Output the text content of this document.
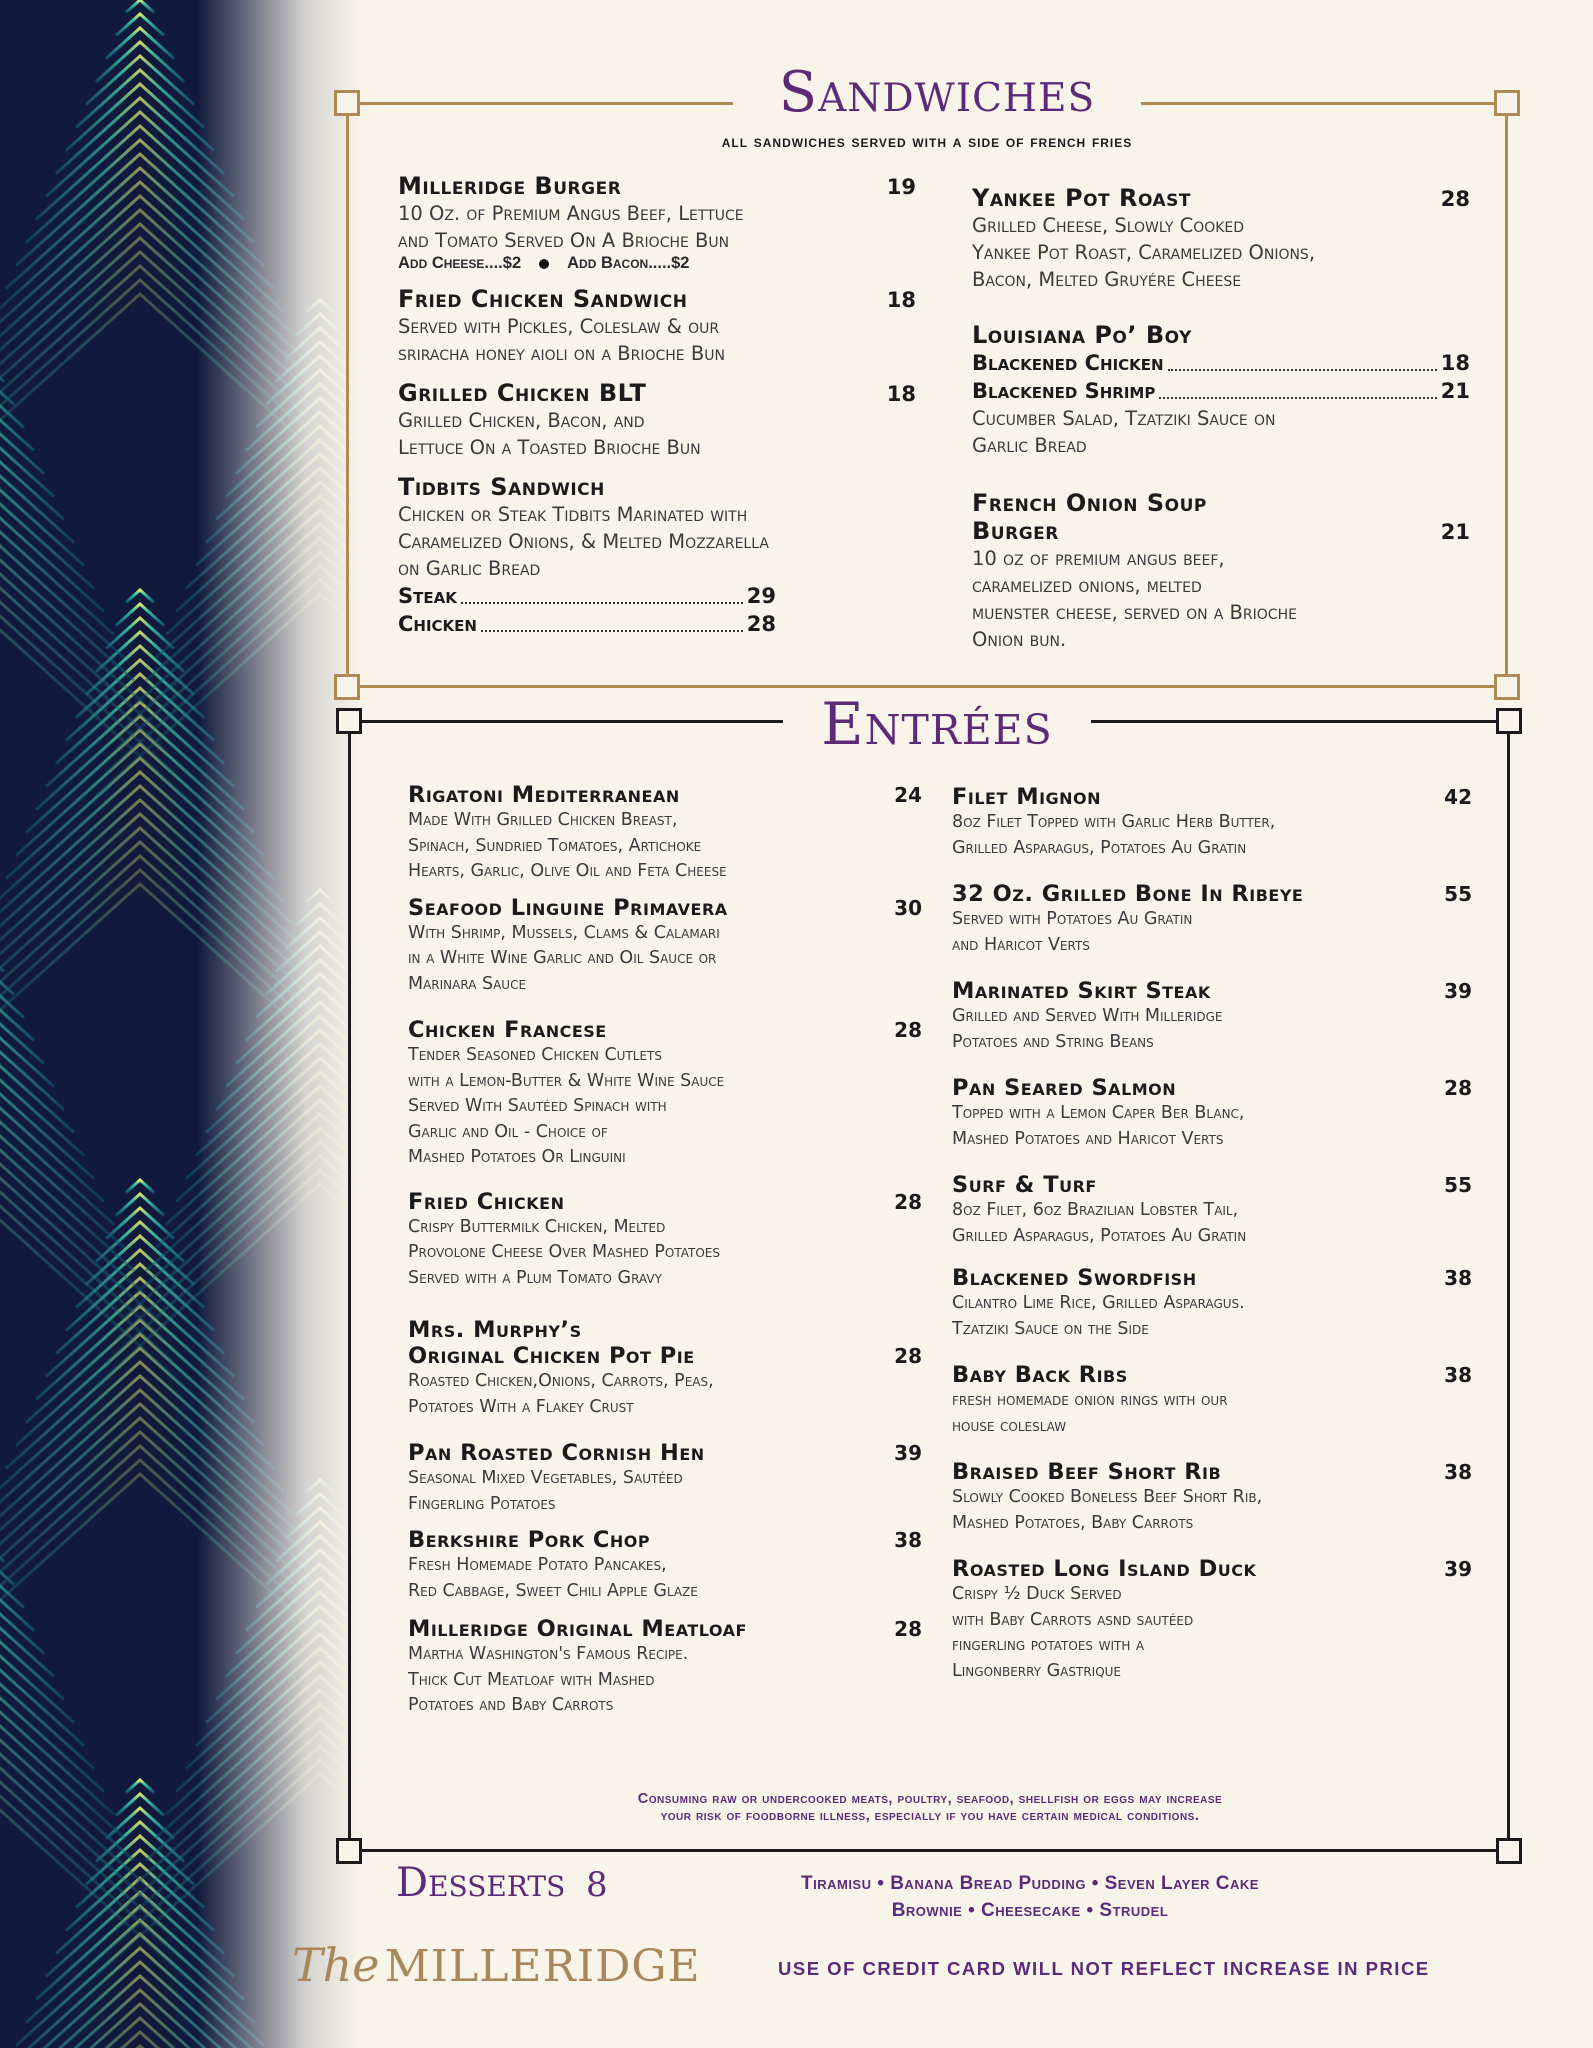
Sandwiches
all sandwiches served with a side of french fries
Milleridge Burger	19
10 Oz. of Premium Angus Beef, Lettuce
and Tomato Served On A Brioche Bun
Add Cheese....$2	Add Bacon.....$2
Fried Chicken Sandwich	18
Served with Pickles, Coleslaw & our
sriracha honey aioli on a Brioche Bun
Grilled Chicken BLT	18
Grilled Chicken, Bacon, and
Lettuce On a Toasted Brioche Bun
Tidbits Sandwich
Chicken or Steak Tidbits Marinated with
Caramelized Onions, & Melted Mozzarella
on Garlic Bread
Steak	29
Chicken	28
Yankee Pot Roast	28
Grilled Cheese, Slowly Cooked
Yankee Pot Roast, Caramelized Onions,
Bacon, Melted Gruyére Cheese
Louisiana Po’ Boy
Blackened Chicken	18
Blackened Shrimp	21
Cucumber Salad, Tzatziki Sauce on
Garlic Bread
French Onion Soup
Burger	21
10 oz of premium angus beef,
caramelized onions, melted
muenster cheese, served on a Brioche
Onion bun.
Entrées
Rigatoni Mediterranean	24
Made With Grilled Chicken Breast,
Spinach, Sundried Tomatoes, Artichoke
Hearts, Garlic, Olive Oil and Feta Cheese
Seafood Linguine Primavera	30
With Shrimp, Mussels, Clams & Calamari
in a White Wine Garlic and Oil Sauce or
Marinara Sauce
Chicken Francese	28
Tender Seasoned Chicken Cutlets
with a Lemon-Butter & White Wine Sauce
Served With Sautéed Spinach with
Garlic and Oil - Choice of
Mashed Potatoes Or Linguini
Fried Chicken	28
Crispy Buttermilk Chicken, Melted
Provolone Cheese Over Mashed Potatoes
Served with a Plum Tomato Gravy
Mrs. Murphy’s
Original Chicken Pot Pie	28
Roasted Chicken,Onions, Carrots, Peas,
Potatoes With a Flakey Crust
Pan Roasted Cornish Hen	39
Seasonal Mixed Vegetables, Sautéed
Fingerling Potatoes
Berkshire Pork Chop	38
Fresh Homemade Potato Pancakes,
Red Cabbage, Sweet Chili Apple Glaze
Milleridge Original Meatloaf	28
Martha Washington's Famous Recipe.
Thick Cut Meatloaf with Mashed
Potatoes and Baby Carrots
Filet Mignon	42
8oz Filet Topped with Garlic Herb Butter,
Grilled Asparagus, Potatoes Au Gratin
32 Oz. Grilled Bone In Ribeye	55
Served with Potatoes Au Gratin
and Haricot Verts
Marinated Skirt Steak	39
Grilled and Served With Milleridge
Potatoes and String Beans
Pan Seared Salmon	28
Topped with a Lemon Caper Ber Blanc,
Mashed Potatoes and Haricot Verts
Surf & Turf	55
8oz Filet, 6oz Brazilian Lobster Tail,
Grilled Asparagus, Potatoes Au Gratin
Blackened Swordfish	38
Cilantro Lime Rice, Grilled Asparagus.
Tzatziki Sauce on the Side
Baby Back Ribs	38
fresh homemade onion rings with our
house coleslaw
Braised Beef Short Rib	38
Slowly Cooked Boneless Beef Short Rib,
Mashed Potatoes, Baby Carrots
Roasted Long Island Duck	39
Crispy ½ Duck Served
with Baby Carrots asnd sautéed
fingerling potatoes with a
Lingonberry Gastrique
Consuming raw or undercooked meats, poultry, seafood, shellfish or eggs may increase
your risk of foodborne illness, especially if you have certain medical conditions.
Desserts 8	Tiramisu • Banana Bread Pudding • Seven Layer Cake
Brownie • Cheesecake • Strudel
The MILLERIDGE	USE OF CREDIT CARD WILL NOT REFLECT INCREASE IN PRICE
